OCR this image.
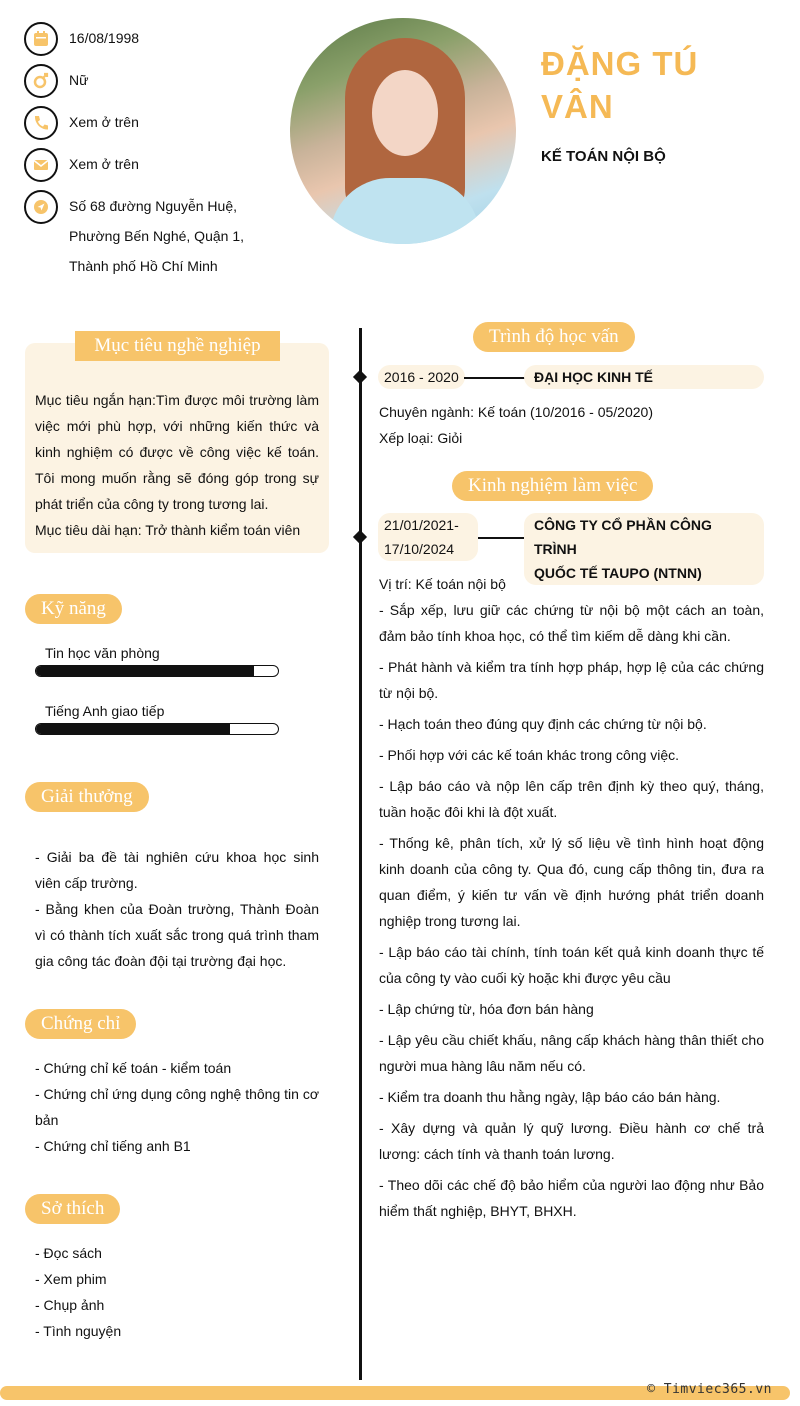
16/08/1998
Nữ
Xem ở trên
Xem ở trên
Số 68 đường Nguyễn Huệ, Phường Bến Nghé, Quận 1, Thành phố Hồ Chí Minh
ĐẶNG TÚ VÂN
KẾ TOÁN NỘI BỘ
Mục tiêu nghề nghiệp
Mục tiêu ngắn hạn:Tìm được môi trường làm việc mới phù hợp, với những kiến thức và kinh nghiệm có được về công việc kế toán. Tôi mong muốn rằng sẽ đóng góp trong sự phát triển của công ty trong tương lai.
Mục tiêu dài hạn: Trở thành kiểm toán viên
Kỹ năng
Tin học văn phòng
Tiếng Anh giao tiếp
Giải thưởng
- Giải ba đề tài nghiên cứu khoa học sinh viên cấp trường.
- Bằng khen của Đoàn trường, Thành Đoàn vì có thành tích xuất sắc trong quá trình tham gia công tác đoàn đội tại trường đại học.
Chứng chỉ
- Chứng chỉ kế toán - kiểm toán
- Chứng chỉ ứng dụng công nghệ thông tin cơ bản
- Chứng chỉ tiếng anh B1
Sở thích
- Đọc sách
- Xem phim
- Chụp ảnh
- Tình nguyện
Trình độ học vấn
2016 - 2020	ĐẠI HỌC KINH TẾ
Chuyên ngành: Kế toán (10/2016 - 05/2020)
Xếp loại: Giỏi
Kinh nghiệm làm việc
21/01/2021-
17/10/2024
CÔNG TY CỔ PHẦN CÔNG TRÌNH
QUỐC TẾ TAUPO (NTNN)
Vị trí: Kế toán nội bộ

- Sắp xếp, lưu giữ các chứng từ nội bộ một cách an toàn, đảm bảo tính khoa học, có thể tìm kiếm dễ dàng khi cần.

- Phát hành và kiểm tra tính hợp pháp, hợp lệ của các chứng từ nội bộ.

- Hạch toán theo đúng quy định các chứng từ nội bộ.

- Phối hợp với các kế toán khác trong công việc.

- Lập báo cáo và nộp lên cấp trên định kỳ theo quý, tháng, tuần hoặc đôi khi là đột xuất.

- Thống kê, phân tích, xử lý số liệu về tình hình hoạt động kinh doanh của công ty. Qua đó, cung cấp thông tin, đưa ra quan điểm, ý kiến tư vấn về định hướng phát triển doanh nghiệp trong tương lai.

- Lập báo cáo tài chính, tính toán kết quả kinh doanh thực tế của công ty vào cuối kỳ hoặc khi được yêu cầu

- Lập chứng từ, hóa đơn bán hàng

- Lập yêu cầu chiết khấu, nâng cấp khách hàng thân thiết cho người mua hàng lâu năm nếu có.

- Kiểm tra doanh thu hằng ngày, lập báo cáo bán hàng.

- Xây dựng và quản lý quỹ lương. Điều hành cơ chế trả lương: cách tính và thanh toán lương.

- Theo dõi các chế độ bảo hiểm của người lao động như Bảo hiểm thất nghiệp, BHYT, BHXH.

© Timviec365.vn
